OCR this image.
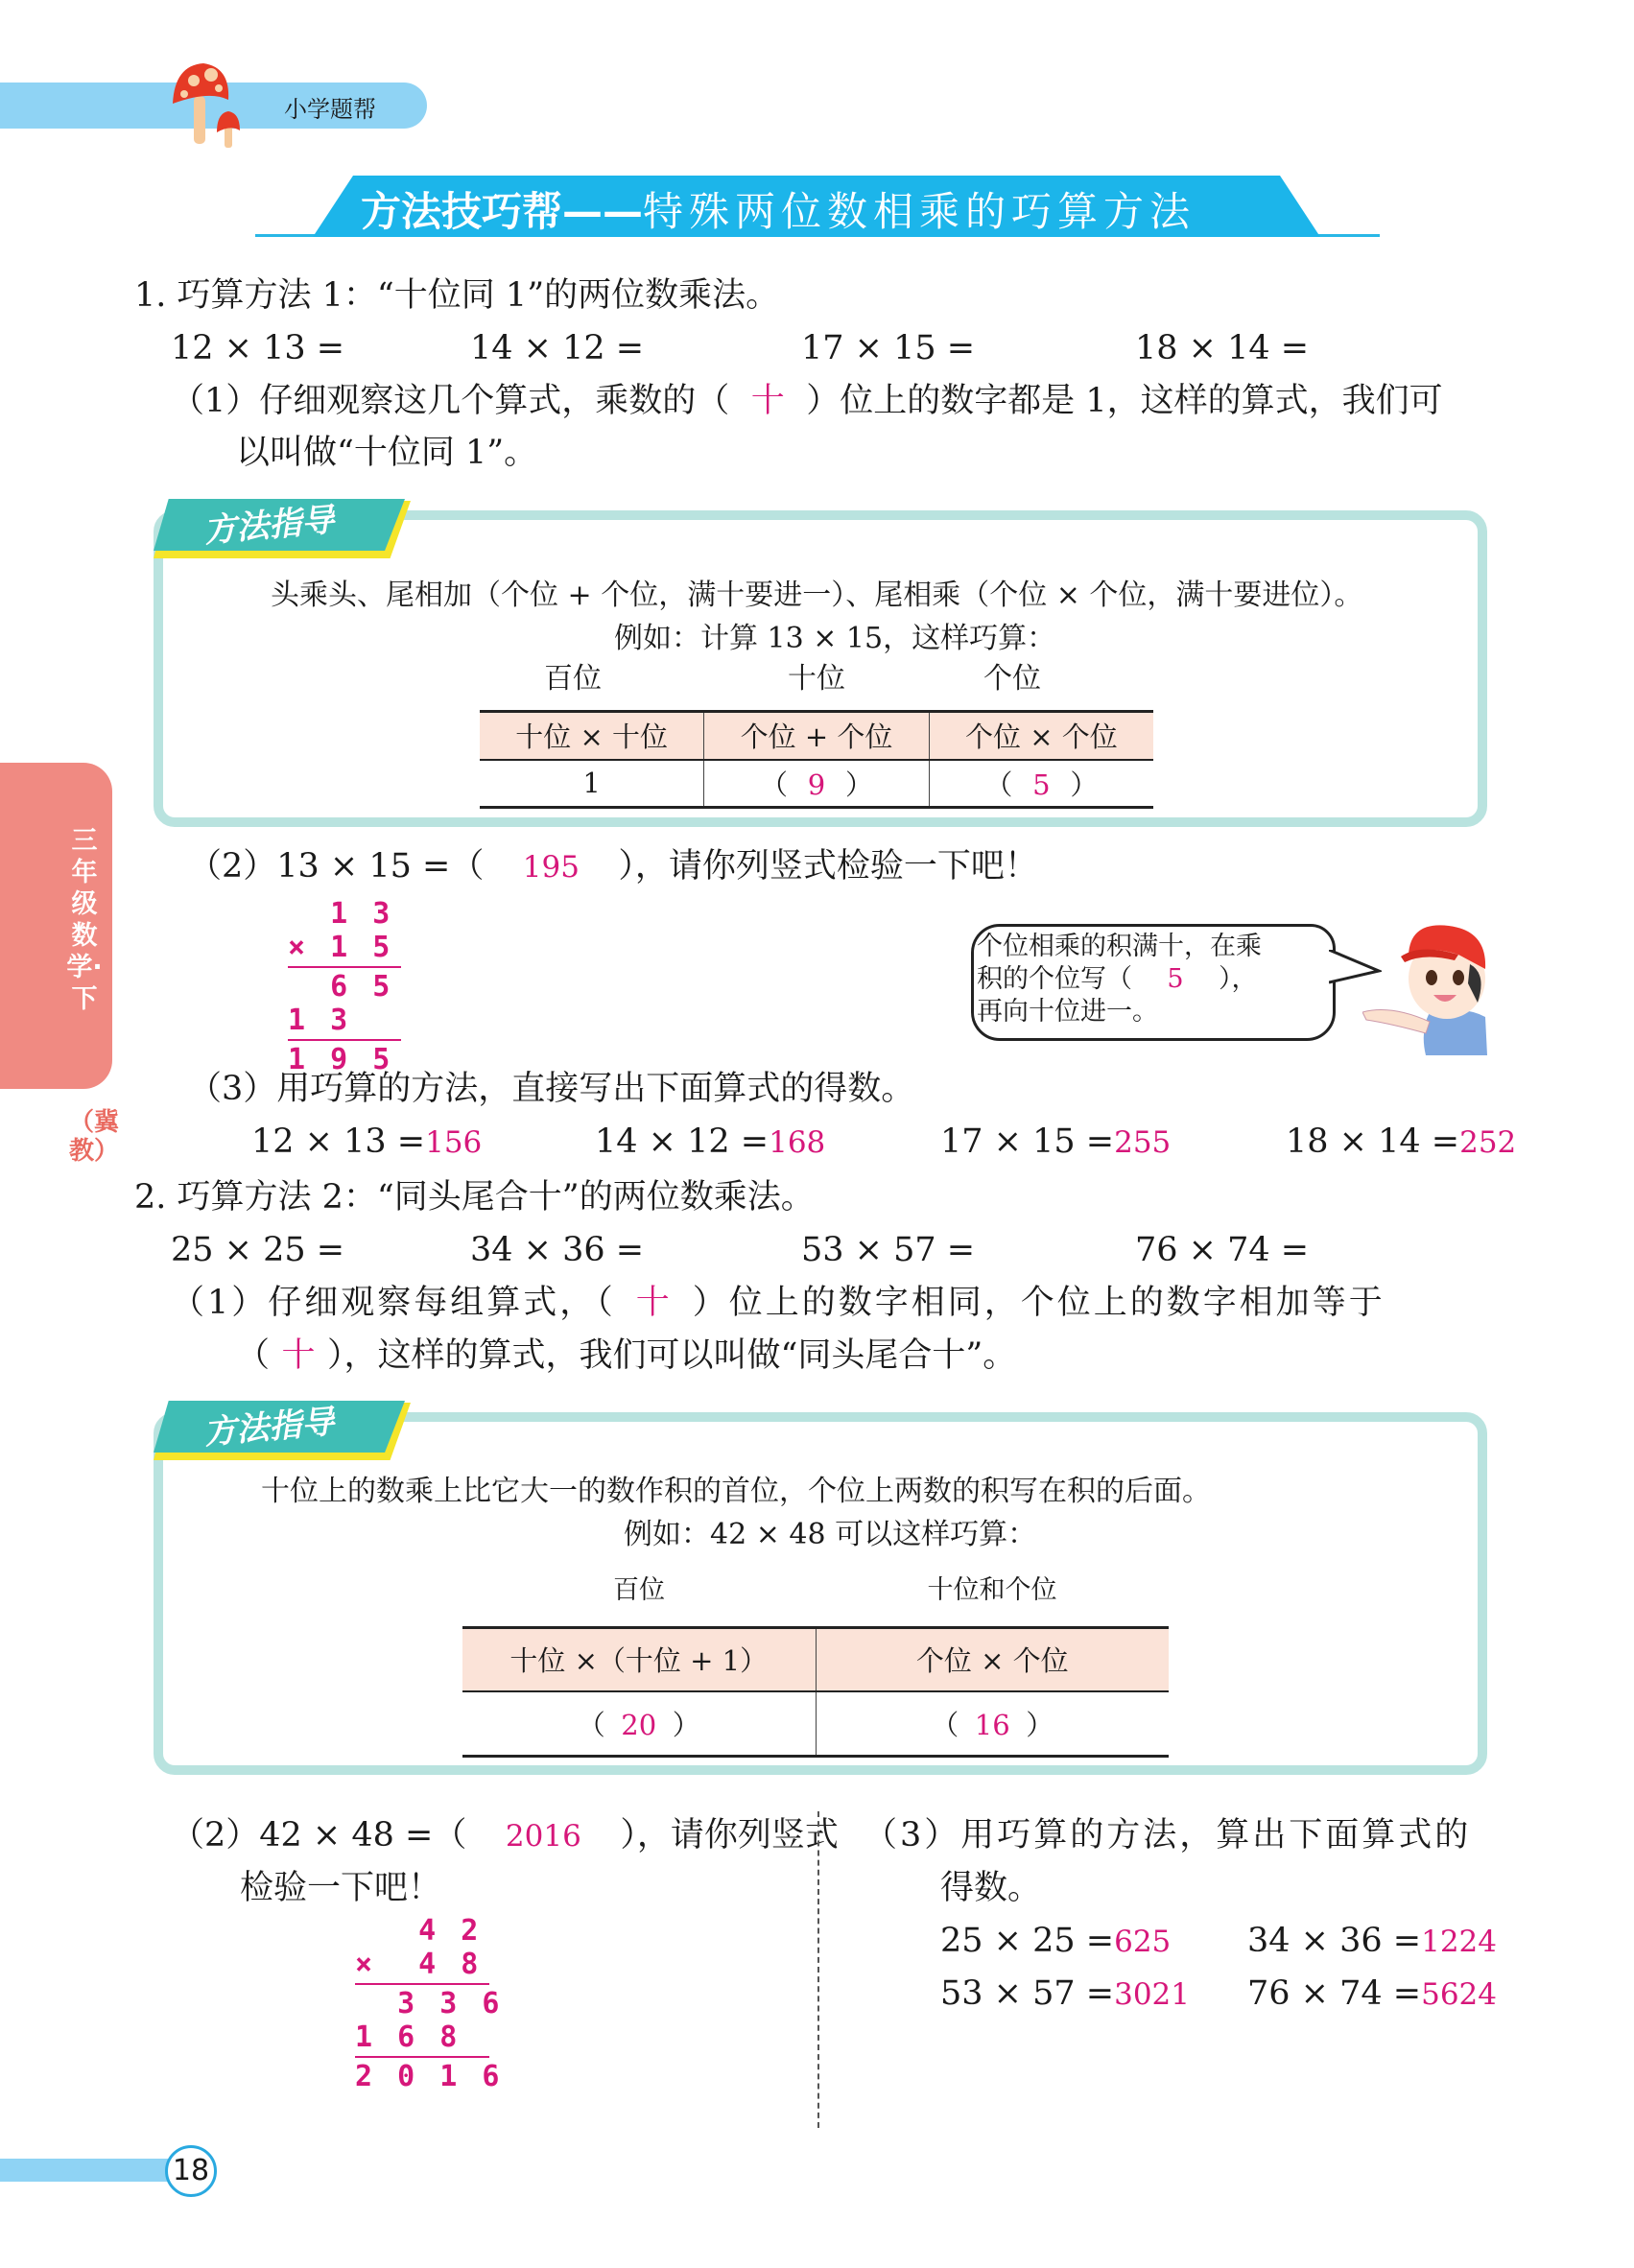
小学题帮
方法技巧帮——特殊两位数相乘的巧算方法
三年级数学·下
（冀教）
1. 巧算方法 1：“十位同 1”的两位数乘法。
12 × 13 =	14 × 12 =	17 × 15 =	18 × 14 =
（1）仔细观察这几个算式，乘数的（ 十 ）位上的数字都是 1，这样的算式，我们可
以叫做“十位同 1”。
方法指导
头乘头、尾相加（个位 + 个位，满十要进一）、尾相乘（个位 × 个位，满十要进位）。
例如：计算 13 × 15，这样巧算：
百位	十位	个位
十位 × 十位	个位 + 个位	个位 × 个位
1	（ 9 ）	（ 5 ）
（2）13 × 15 =（ 195 ），请你列竖式检验一下吧！
1 3
× 1 5
6 5
1 3
1 9 5
个位相乘的积满十，在乘
积的个位写（ 5 ），
再向十位进一。
（3）用巧算的方法，直接写出下面算式的得数。
12 × 13 =156	14 × 12 =168	17 × 15 =255	18 × 14 =252
2. 巧算方法 2：“同头尾合十”的两位数乘法。
25 × 25 =	34 × 36 =	53 × 57 =	76 × 74 =
（1）仔细观察每组算式，（ 十 ）位上的数字相同，个位上的数字相加等于
（ 十 ），这样的算式，我们可以叫做“同头尾合十”。
方法指导
十位上的数乘上比它大一的数作积的首位，个位上两数的积写在积的后面。
例如：42 × 48 可以这样巧算：
百位	十位和个位
十位 ×（十位 + 1）	个位 × 个位
（ 20 ）	（ 16 ）
（2）42 × 48 =（ 2016 ），请你列竖式
检验一下吧！
4 2
×  4 8
3 3 6
1 6 8
2 0 1 6
（3）用巧算的方法，算出下面算式的
得数。
25 × 25 =625 34 × 36 =1224
53 × 57 =3021 76 × 74 =5624
18
